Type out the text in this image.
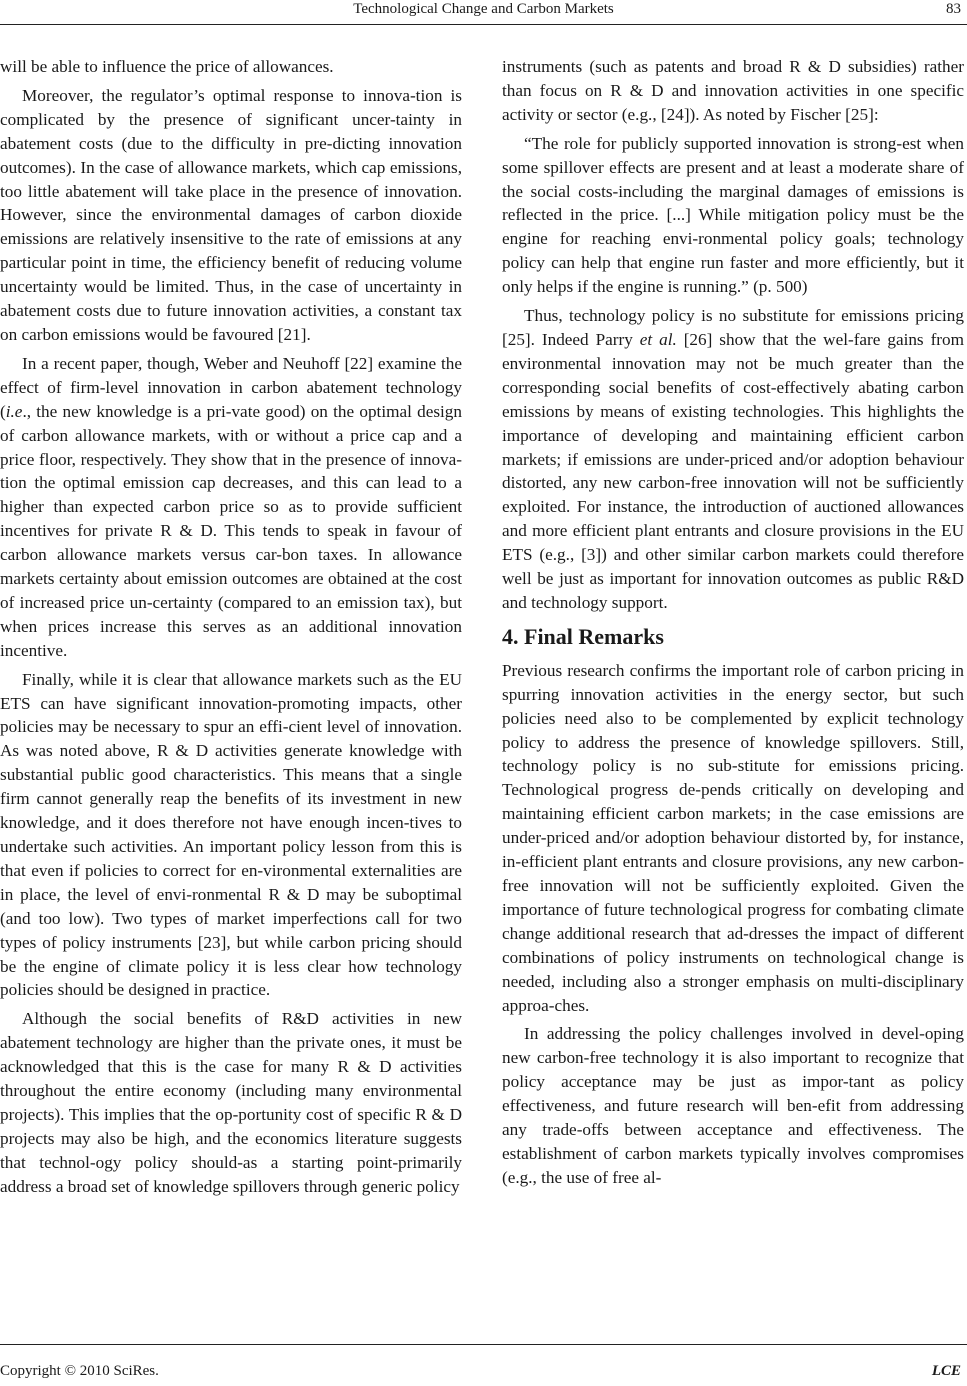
Technological Change and Carbon Markets	83

will be able to influence the price of allowances.

Moreover, the regulator’s optimal response to innova-tion is complicated by the presence of significant uncer-tainty in abatement costs (due to the difficulty in pre-dicting innovation outcomes). In the case of allowance markets, which cap emissions, too little abatement will take place in the presence of innovation. However, since the environmental damages of carbon dioxide emissions are relatively insensitive to the rate of emissions at any particular point in time, the efficiency benefit of reducing volume uncertainty would be limited. Thus, in the case of uncertainty in abatement costs due to future innovation activities, a constant tax on carbon emissions would be favoured [21].

In a recent paper, though, Weber and Neuhoff [22] examine the effect of firm-level innovation in carbon abatement technology (i.e., the new knowledge is a pri-vate good) on the optimal design of carbon allowance markets, with or without a price cap and a price floor, respectively. They show that in the presence of innova-tion the optimal emission cap decreases, and this can lead to a higher than expected carbon price so as to provide sufficient incentives for private R & D. This tends to speak in favour of carbon allowance markets versus car-bon taxes. In allowance markets certainty about emission outcomes are obtained at the cost of increased price un-certainty (compared to an emission tax), but when prices increase this serves as an additional innovation incentive.

Finally, while it is clear that allowance markets such as the EU ETS can have significant innovation-promoting impacts, other policies may be necessary to spur an effi-cient level of innovation. As was noted above, R & D activities generate knowledge with substantial public good characteristics. This means that a single firm cannot generally reap the benefits of its investment in new knowledge, and it does therefore not have enough incen-tives to undertake such activities. An important policy lesson from this is that even if policies to correct for en-vironmental externalities are in place, the level of envi-ronmental R & D may be suboptimal (and too low). Two types of market imperfections call for two types of policy instruments [23], but while carbon pricing should be the engine of climate policy it is less clear how technology policies should be designed in practice.

Although the social benefits of R&D activities in new abatement technology are higher than the private ones, it must be acknowledged that this is the case for many R & D activities throughout the entire economy (including many environmental projects). This implies that the op-portunity cost of specific R & D projects may also be high, and the economics literature suggests that technol-ogy policy should-as a starting point-primarily address a broad set of knowledge spillovers through generic policy

instruments (such as patents and broad R & D subsidies) rather than focus on R & D and innovation activities in one specific activity or sector (e.g., [24]). As noted by Fischer [25]:

“The role for publicly supported innovation is strong-est when some spillover effects are present and at least a moderate share of the social costs-including the marginal damages of emissions is reflected in the price. [...] While mitigation policy must be the engine for reaching envi-ronmental policy goals; technology policy can help that engine run faster and more efficiently, but it only helps if the engine is running.” (p. 500)

Thus, technology policy is no substitute for emissions pricing [25]. Indeed Parry et al. [26] show that the wel-fare gains from environmental innovation may not be much greater than the corresponding social benefits of cost-effectively abating carbon emissions by means of existing technologies. This highlights the importance of developing and maintaining efficient carbon markets; if emissions are under-priced and/or adoption behaviour distorted, any new carbon-free innovation will not be sufficiently exploited. For instance, the introduction of auctioned allowances and more efficient plant entrants and closure provisions in the EU ETS (e.g., [3]) and other similar carbon markets could therefore well be just as important for innovation outcomes as public R&D and technology support.

4. Final Remarks

Previous research confirms the important role of carbon pricing in spurring innovation activities in the energy sector, but such policies need also to be complemented by explicit technology policy to address the presence of knowledge spillovers. Still, technology policy is no sub-stitute for emissions pricing. Technological progress de-pends critically on developing and maintaining efficient carbon markets; in the case emissions are under-priced and/or adoption behaviour distorted by, for instance, in-efficient plant entrants and closure provisions, any new carbon-free innovation will not be sufficiently exploited. Given the importance of future technological progress for combating climate change additional research that ad-dresses the impact of different combinations of policy instruments on technological change is needed, including also a stronger emphasis on multi-disciplinary approa-ches.

In addressing the policy challenges involved in devel-oping new carbon-free technology it is also important to recognize that policy acceptance may be just as impor-tant as policy effectiveness, and future research will ben-efit from addressing any trade-offs between acceptance and effectiveness. The establishment of carbon markets typically involves compromises (e.g., the use of free al-

Copyright © 2010 SciRes.	LCE
